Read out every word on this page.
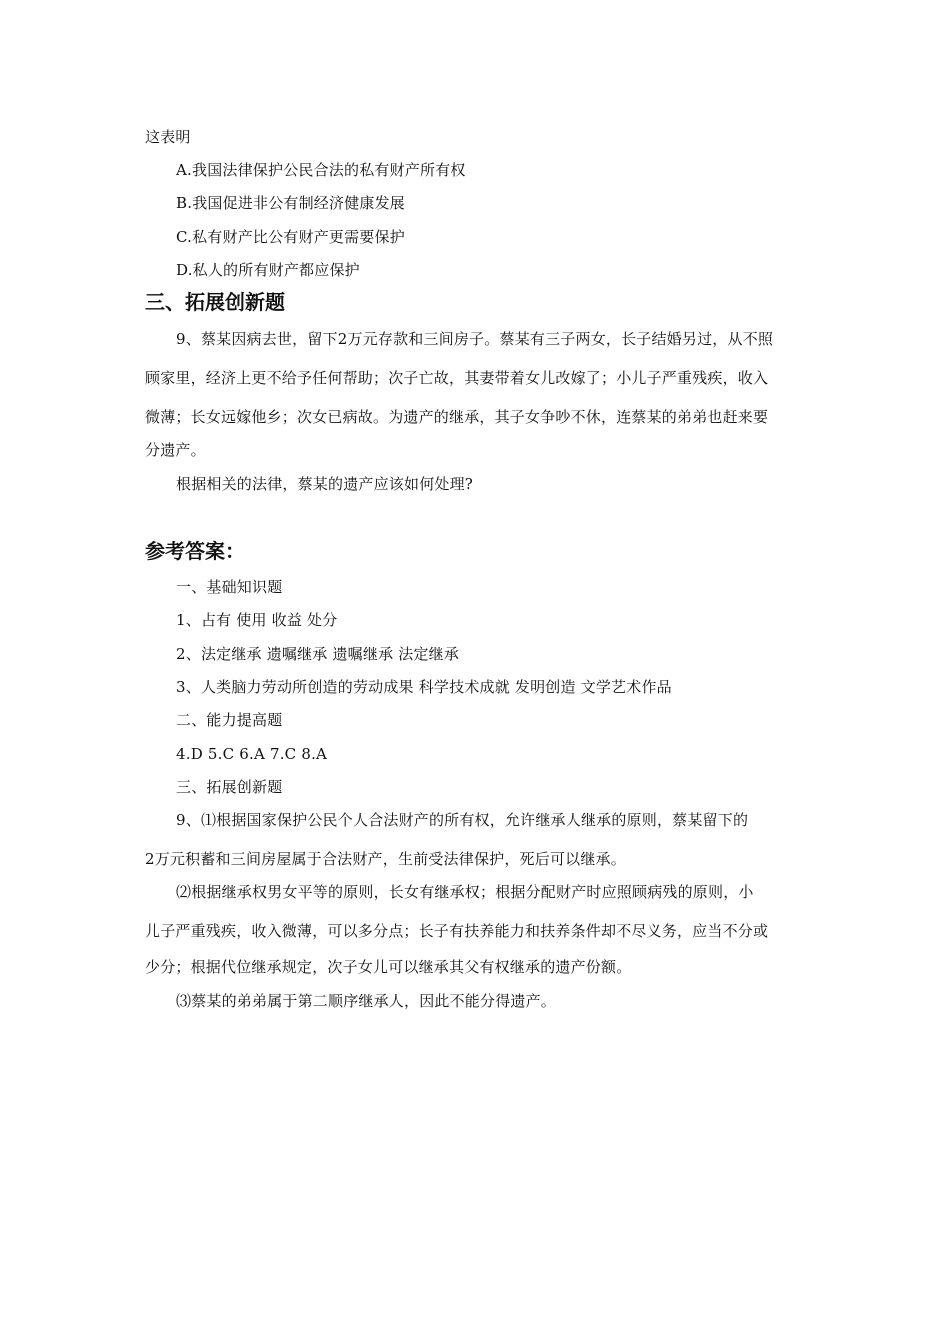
这表明
A.我国法律保护公民合法的私有财产所有权
B.我国促进非公有制经济健康发展
C.私有财产比公有财产更需要保护
D.私人的所有财产都应保护
三、拓展创新题
9、蔡某因病去世，留下2万元存款和三间房子。蔡某有三子两女，长子结婚另过，从不照
顾家里，经济上更不给予任何帮助；次子亡故，其妻带着女儿改嫁了；小儿子严重残疾，收入
微薄；长女远嫁他乡；次女已病故。为遗产的继承，其子女争吵不休，连蔡某的弟弟也赶来要
分遗产。
根据相关的法律，蔡某的遗产应该如何处理?
参考答案：
一、基础知识题
1、占有 使用 收益 处分
2、法定继承 遗嘱继承 遗嘱继承 法定继承
3、人类脑力劳动所创造的劳动成果 科学技术成就 发明创造 文学艺术作品
二、能力提高题
4.D 5.C 6.A 7.C 8.A
三、拓展创新题
9、⑴根据国家保护公民个人合法财产的所有权，允许继承人继承的原则，蔡某留下的
2万元积蓄和三间房屋属于合法财产，生前受法律保护，死后可以继承。
⑵根据继承权男女平等的原则，长女有继承权；根据分配财产时应照顾病残的原则，小
儿子严重残疾，收入微薄，可以多分点；长子有扶养能力和扶养条件却不尽义务，应当不分或
少分；根据代位继承规定，次子女儿可以继承其父有权继承的遗产份额。
⑶蔡某的弟弟属于第二顺序继承人，因此不能分得遗产。
